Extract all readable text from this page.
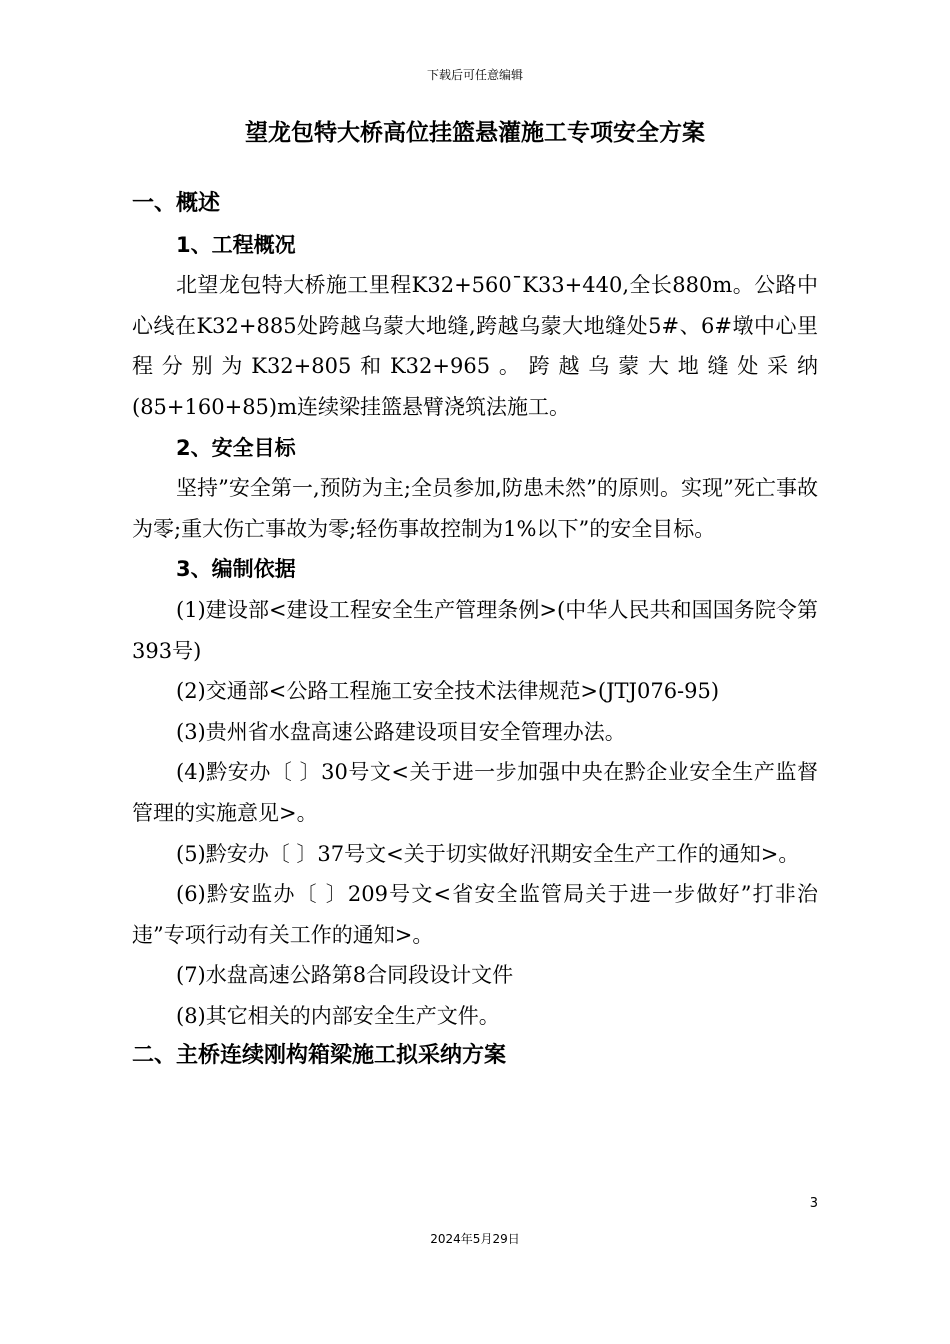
下载后可任意编辑
望龙包特大桥高位挂篮悬灌施工专项安全方案

一、概述

1、工程概况

北望龙包特大桥施工里程K32+560¯K33+440,全长880m。公路中心线在K32+885处跨越乌蒙大地缝,跨越乌蒙大地缝处5#、6#墩中心里程分别为K32+805和K32+965。跨越乌蒙大地缝处采纳(85+160+85)m连续梁挂篮悬臂浇筑法施工。

2、安全目标

坚持”安全第一,预防为主;全员参加,防患未然”的原则。实现”死亡事故为零;重大伤亡事故为零;轻伤事故控制为1%以下”的安全目标。

3、编制依据

(1)建设部<建设工程安全生产管理条例>(中华人民共和国国务院令第393号)

(2)交通部<公路工程施工安全技术法律规范>(JTJ076-95)

(3)贵州省水盘高速公路建设项目安全管理办法。

(4)黔安办〔 〕30号文<关于进一步加强中央在黔企业安全生产监督管理的实施意见>。

(5)黔安办〔 〕37号文<关于切实做好汛期安全生产工作的通知>。

(6)黔安监办〔 〕209号文<省安全监管局关于进一步做好”打非治违”专项行动有关工作的通知>。

(7)水盘高速公路第8合同段设计文件

(8)其它相关的内部安全生产文件。

二、主桥连续刚构箱梁施工拟采纳方案

3
2024年5月29日
